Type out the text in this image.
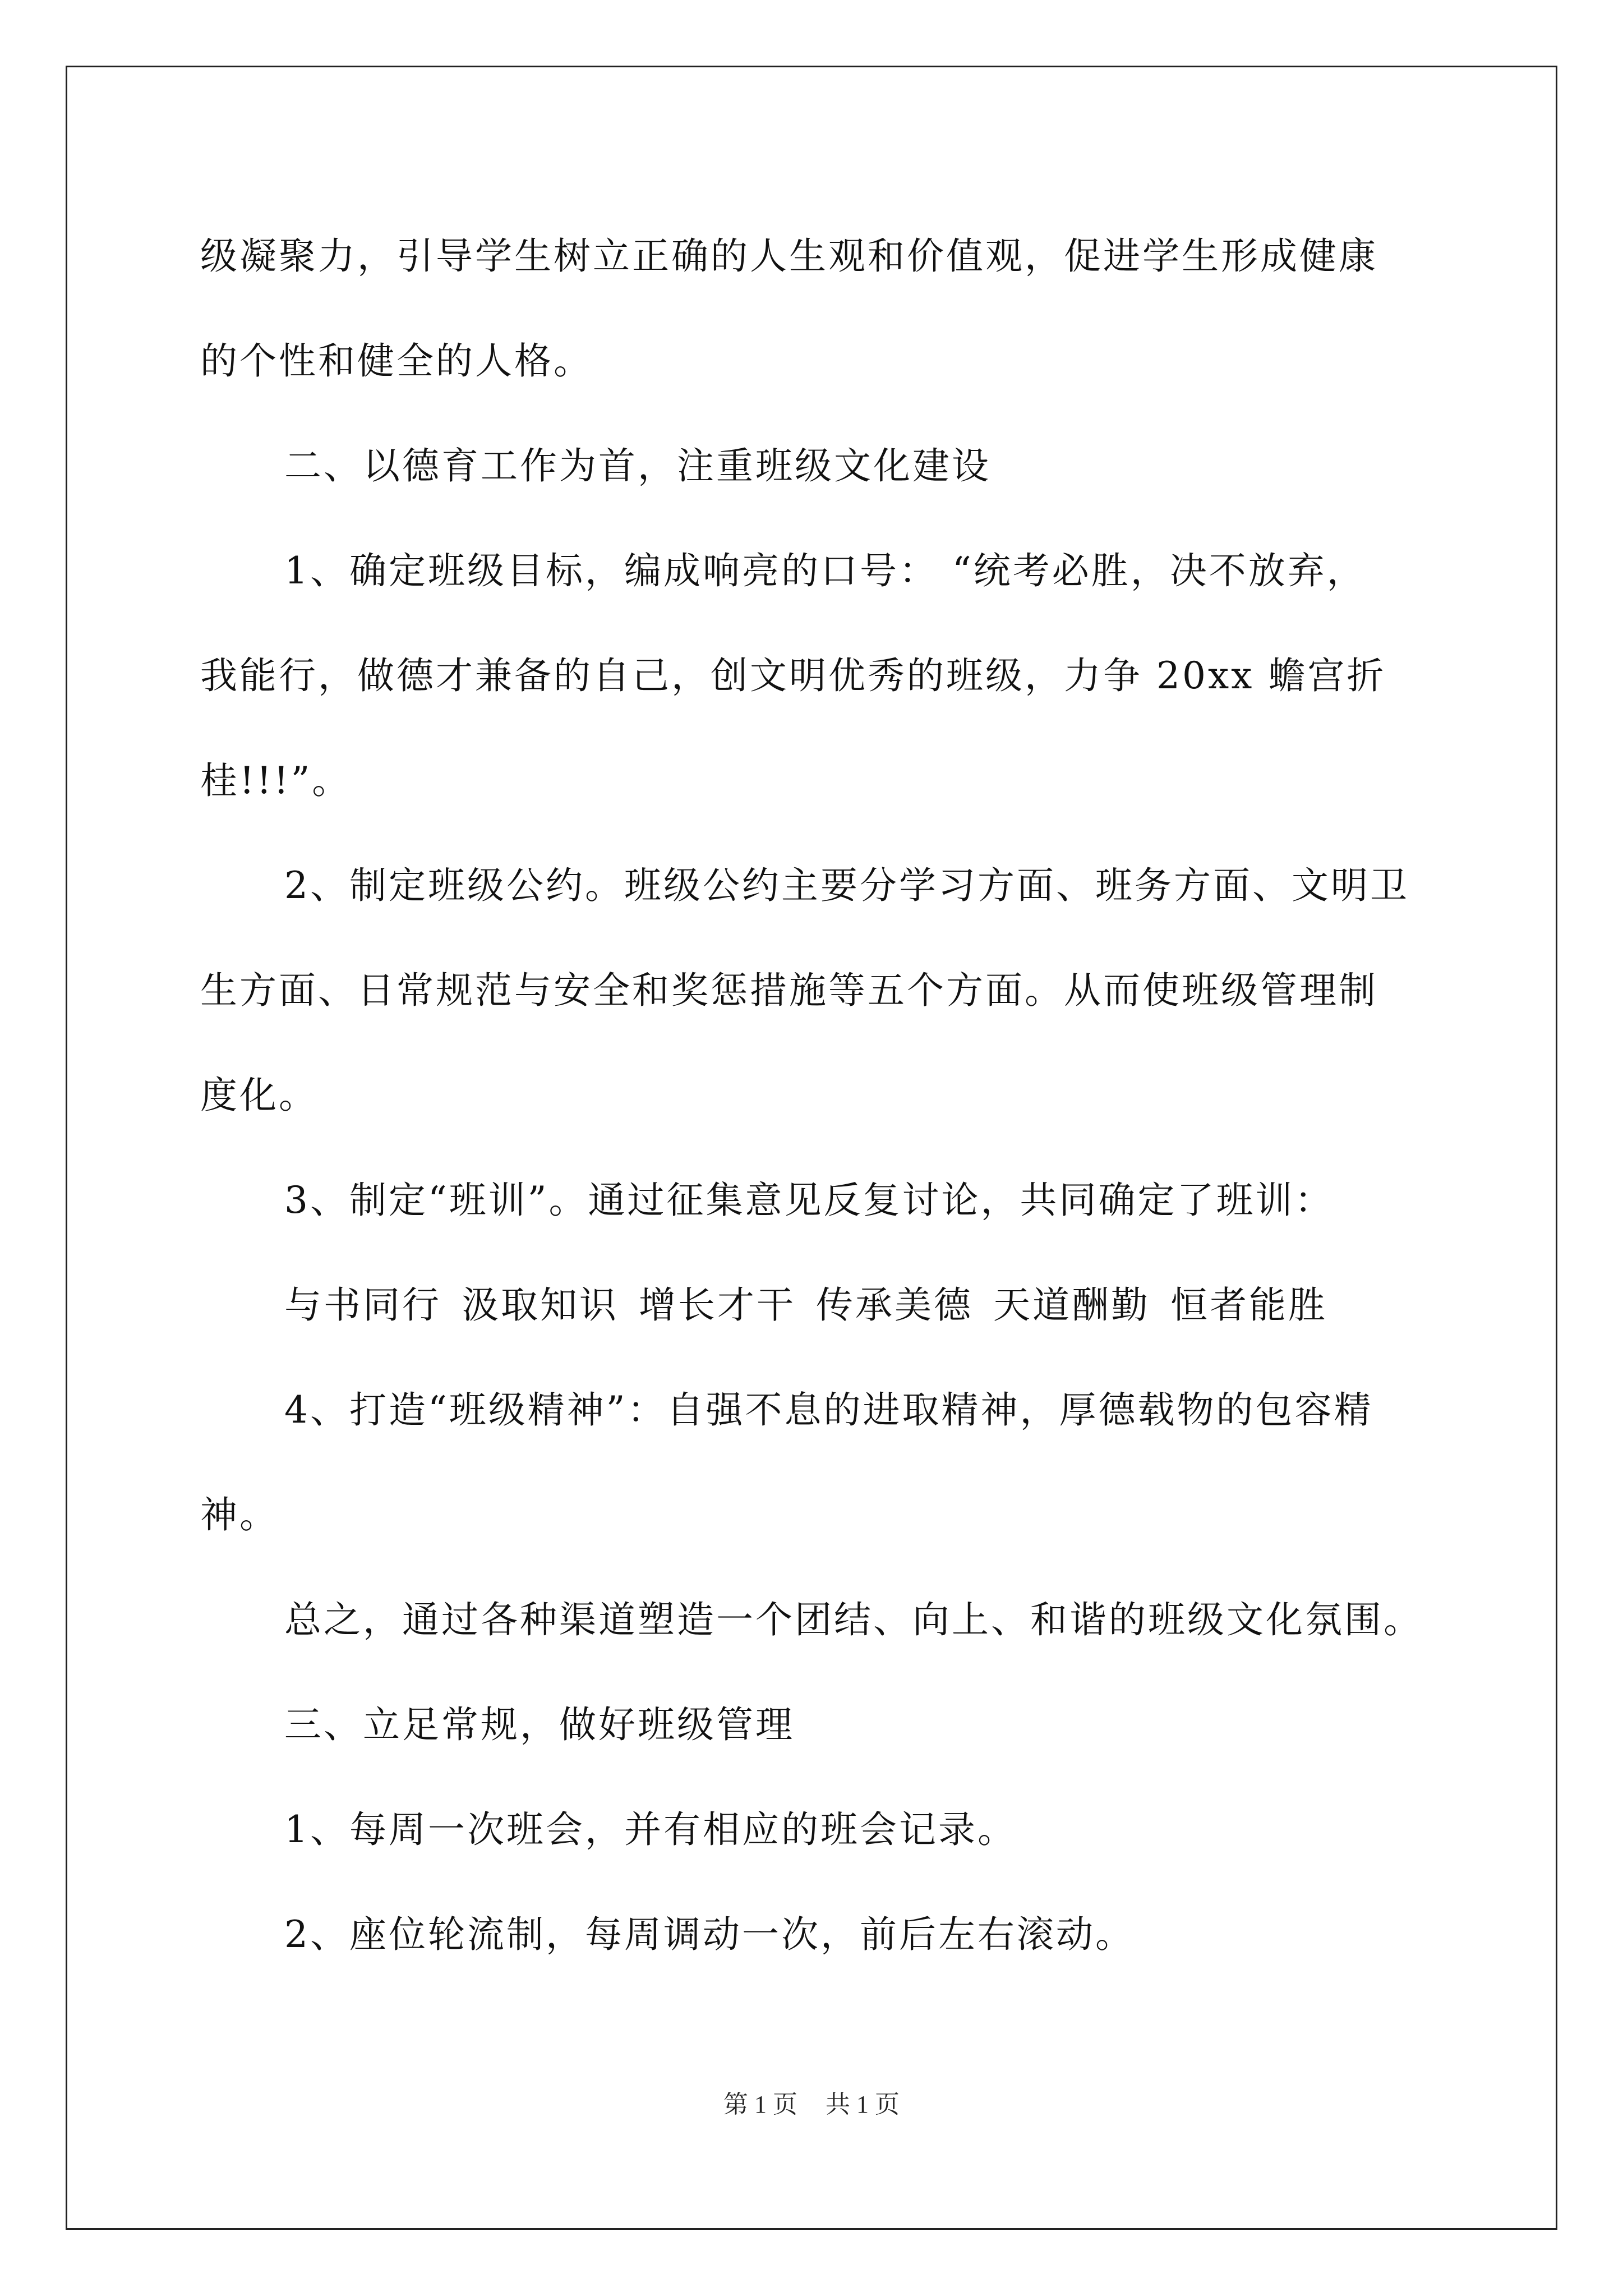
级凝聚力，引导学生树立正确的人生观和价值观，促进学生形成健康
的个性和健全的人格。
二、以德育工作为首，注重班级文化建设
1、确定班级目标，编成响亮的口号： “统考必胜，决不放弃，
我能行，做德才兼备的自己，创文明优秀的班级，力争 20xx 蟾宫折
桂!!!”。
2、制定班级公约。班级公约主要分学习方面、班务方面、文明卫
生方面、日常规范与安全和奖惩措施等五个方面。从而使班级管理制
度化。
3、制定“班训”。通过征集意见反复讨论，共同确定了班训：
与书同行 汲取知识 增长才干 传承美德 天道酬勤 恒者能胜
4、打造“班级精神”：自强不息的进取精神，厚德载物的包容精
神。
总之，通过各种渠道塑造一个团结、向上、和谐的班级文化氛围。
三、立足常规，做好班级管理
1、每周一次班会，并有相应的班会记录。
2、座位轮流制，每周调动一次，前后左右滚动。
第 1 页 共 1 页
